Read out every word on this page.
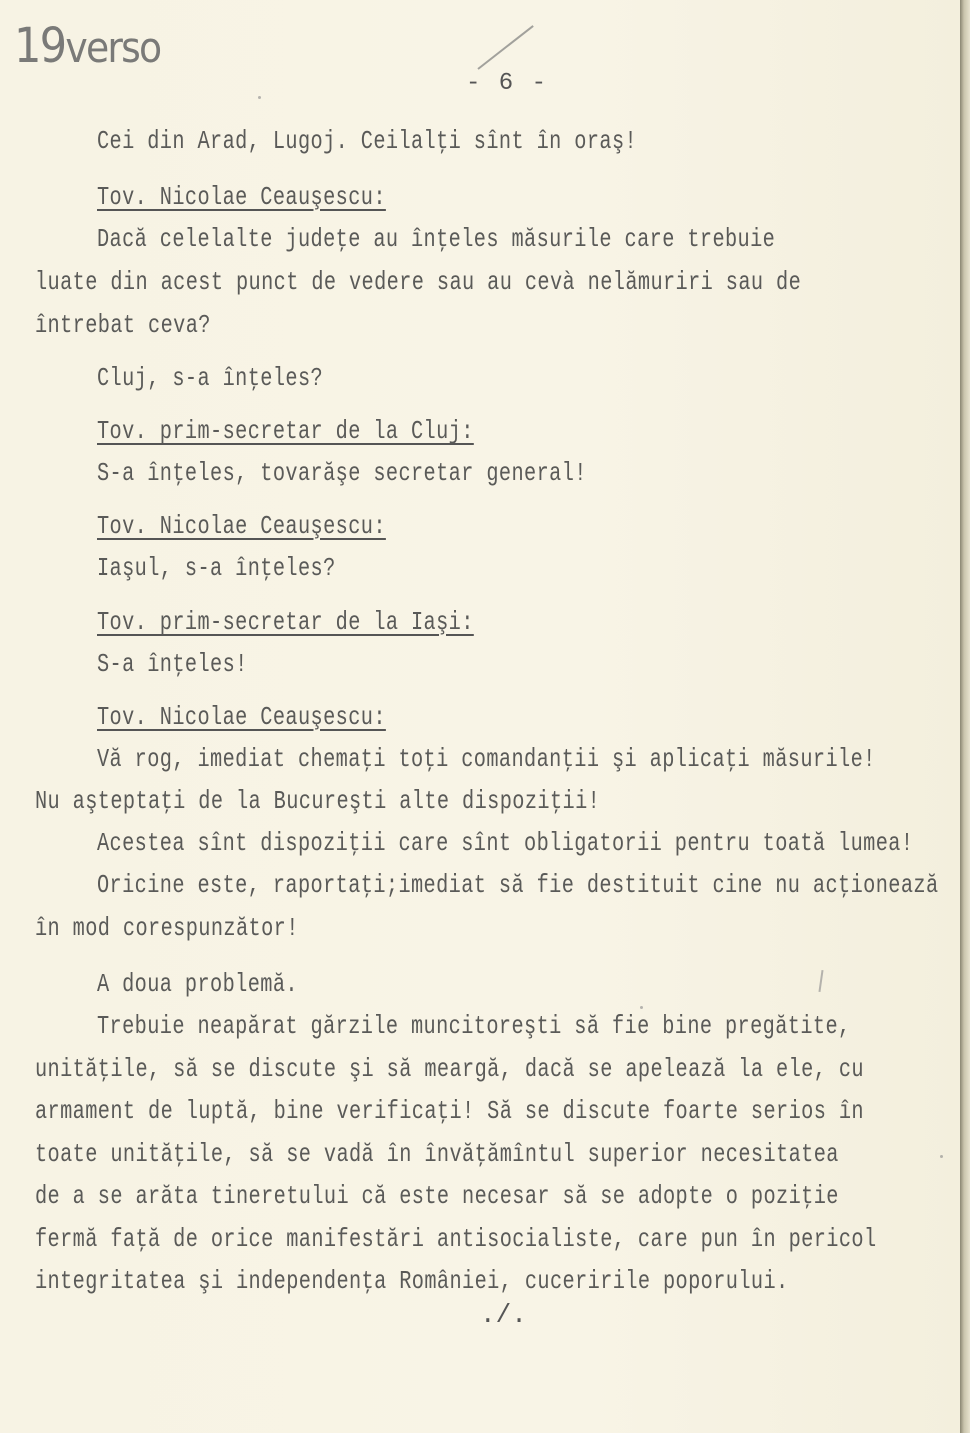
19verso
- 6 -
Cei din Arad, Lugoj. Ceilalţi sînt în oraş!
Tov. Nicolae Ceauşescu:
Dacă celelalte judeţe au înţeles măsurile care trebuie
luate din acest punct de vedere sau au cevà nelămuriri sau de
întrebat ceva?
Cluj, s-a înţeles?
Tov. prim-secretar de la Cluj:
S-a înţeles, tovarăşe secretar general!
Tov. Nicolae Ceauşescu:
Iaşul, s-a înţeles?
Tov. prim-secretar de la Iaşi:
S-a înţeles!
Tov. Nicolae Ceauşescu:
Vă rog, imediat chemaţi toţi comandanţii şi aplicaţi măsurile!
Nu aşteptaţi de la Bucureşti alte dispoziţii!
Acestea sînt dispoziţii care sînt obligatorii pentru toată lumea!
Oricine este, raportaţi;imediat să fie destituit cine nu acţionează
în mod corespunzător!
A doua problemă.
Trebuie neapărat gărzile muncitoreşti să fie bine pregătite,
unităţile, să se discute şi să meargă, dacă se apelează la ele, cu
armament de luptă, bine verificaţi! Să se discute foarte serios în
toate unităţile, să se vadă în învăţămîntul superior necesitatea
de a se arăta tineretului că este necesar să se adopte o poziţie
fermă faţă de orice manifestări antisocialiste, care pun în pericol
integritatea şi independenţa României, cuceririle poporului.
./.
